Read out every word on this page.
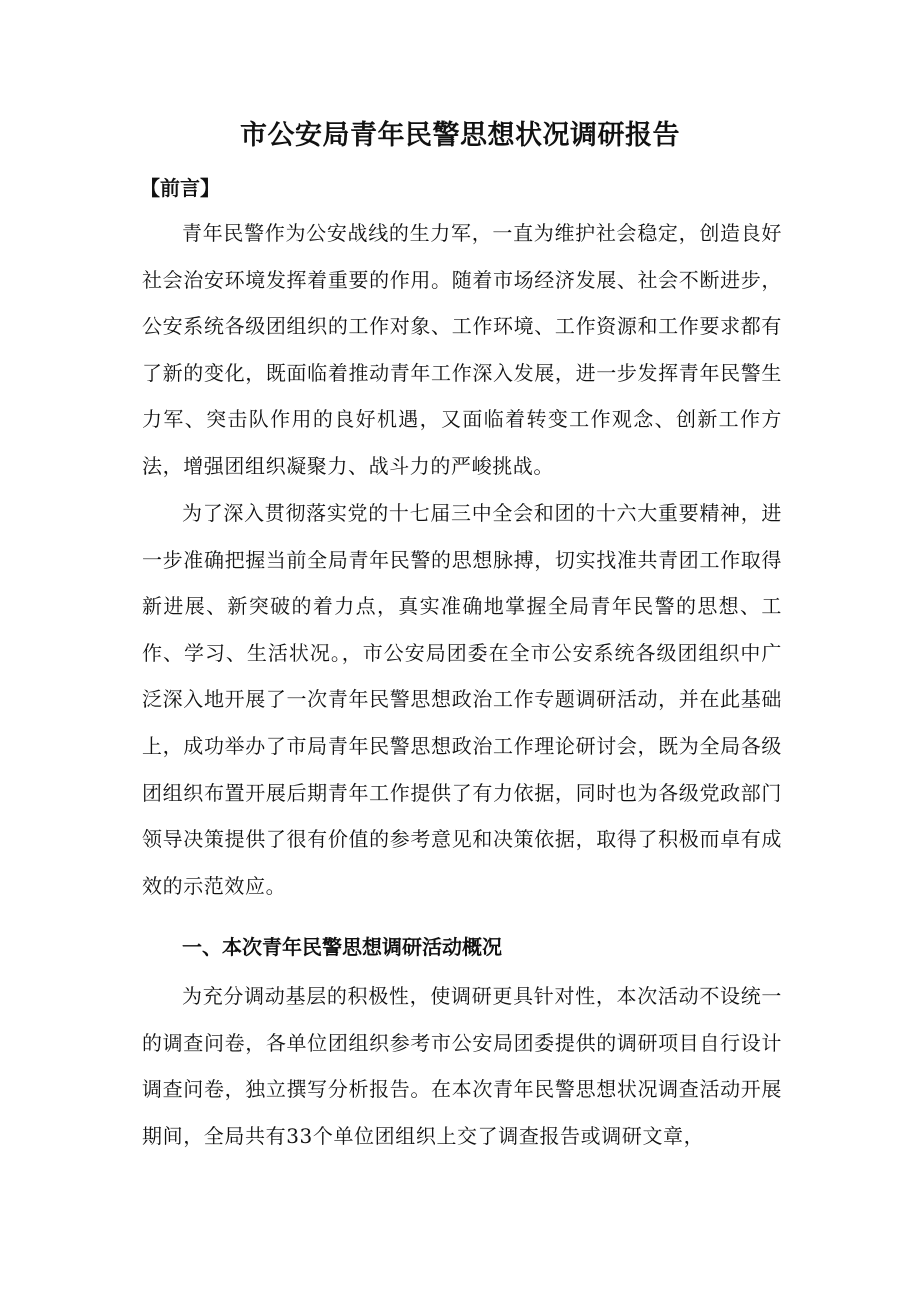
市公安局青年民警思想状况调研报告
【前言】

青年民警作为公安战线的生力军，一直为维护社会稳定，创造良好社会治安环境发挥着重要的作用。随着市场经济发展、社会不断进步，公安系统各级团组织的工作对象、工作环境、工作资源和工作要求都有了新的变化，既面临着推动青年工作深入发展，进一步发挥青年民警生力军、突击队作用的良好机遇，又面临着转变工作观念、创新工作方法，增强团组织凝聚力、战斗力的严峻挑战。

为了深入贯彻落实党的十七届三中全会和团的十六大重要精神，进一步准确把握当前全局青年民警的思想脉搏，切实找准共青团工作取得新进展、新突破的着力点，真实准确地掌握全局青年民警的思想、工作、学习、生活状况。，市公安局团委在全市公安系统各级团组织中广泛深入地开展了一次青年民警思想政治工作专题调研活动，并在此基础上，成功举办了市局青年民警思想政治工作理论研讨会，既为全局各级团组织布置开展后期青年工作提供了有力依据，同时也为各级党政部门领导决策提供了很有价值的参考意见和决策依据，取得了积极而卓有成效的示范效应。

一、本次青年民警思想调研活动概况

为充分调动基层的积极性，使调研更具针对性，本次活动不设统一的调查问卷，各单位团组织参考市公安局团委提供的调研项目自行设计调查问卷，独立撰写分析报告。在本次青年民警思想状况调查活动开展期间，全局共有33个单位团组织上交了调查报告或调研文章，
